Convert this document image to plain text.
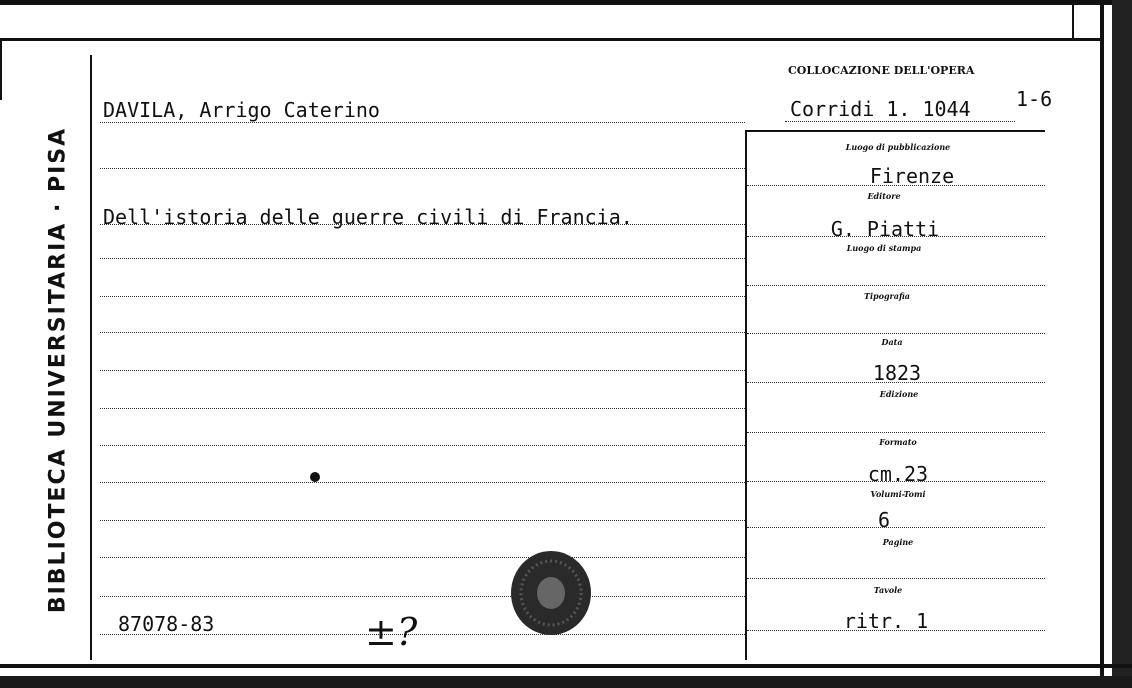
BIBLIOTECA UNIVERSITARIA · PISA
COLLOCAZIONE DELL'OPERA
Corridi 1. 1044 1-6
DAVILA, Arrigo Caterino
Dell'istoria delle guerre civili di Francia.
87078-83	±?
Luogo di pubblicazione
Firenze
Editore
G. Piatti
Luogo di stampa
Tipografia
Data
1823
Edizione
Formato
cm.23
Volumi-Tomi
6
Pagine
Tavole
ritr. 1
